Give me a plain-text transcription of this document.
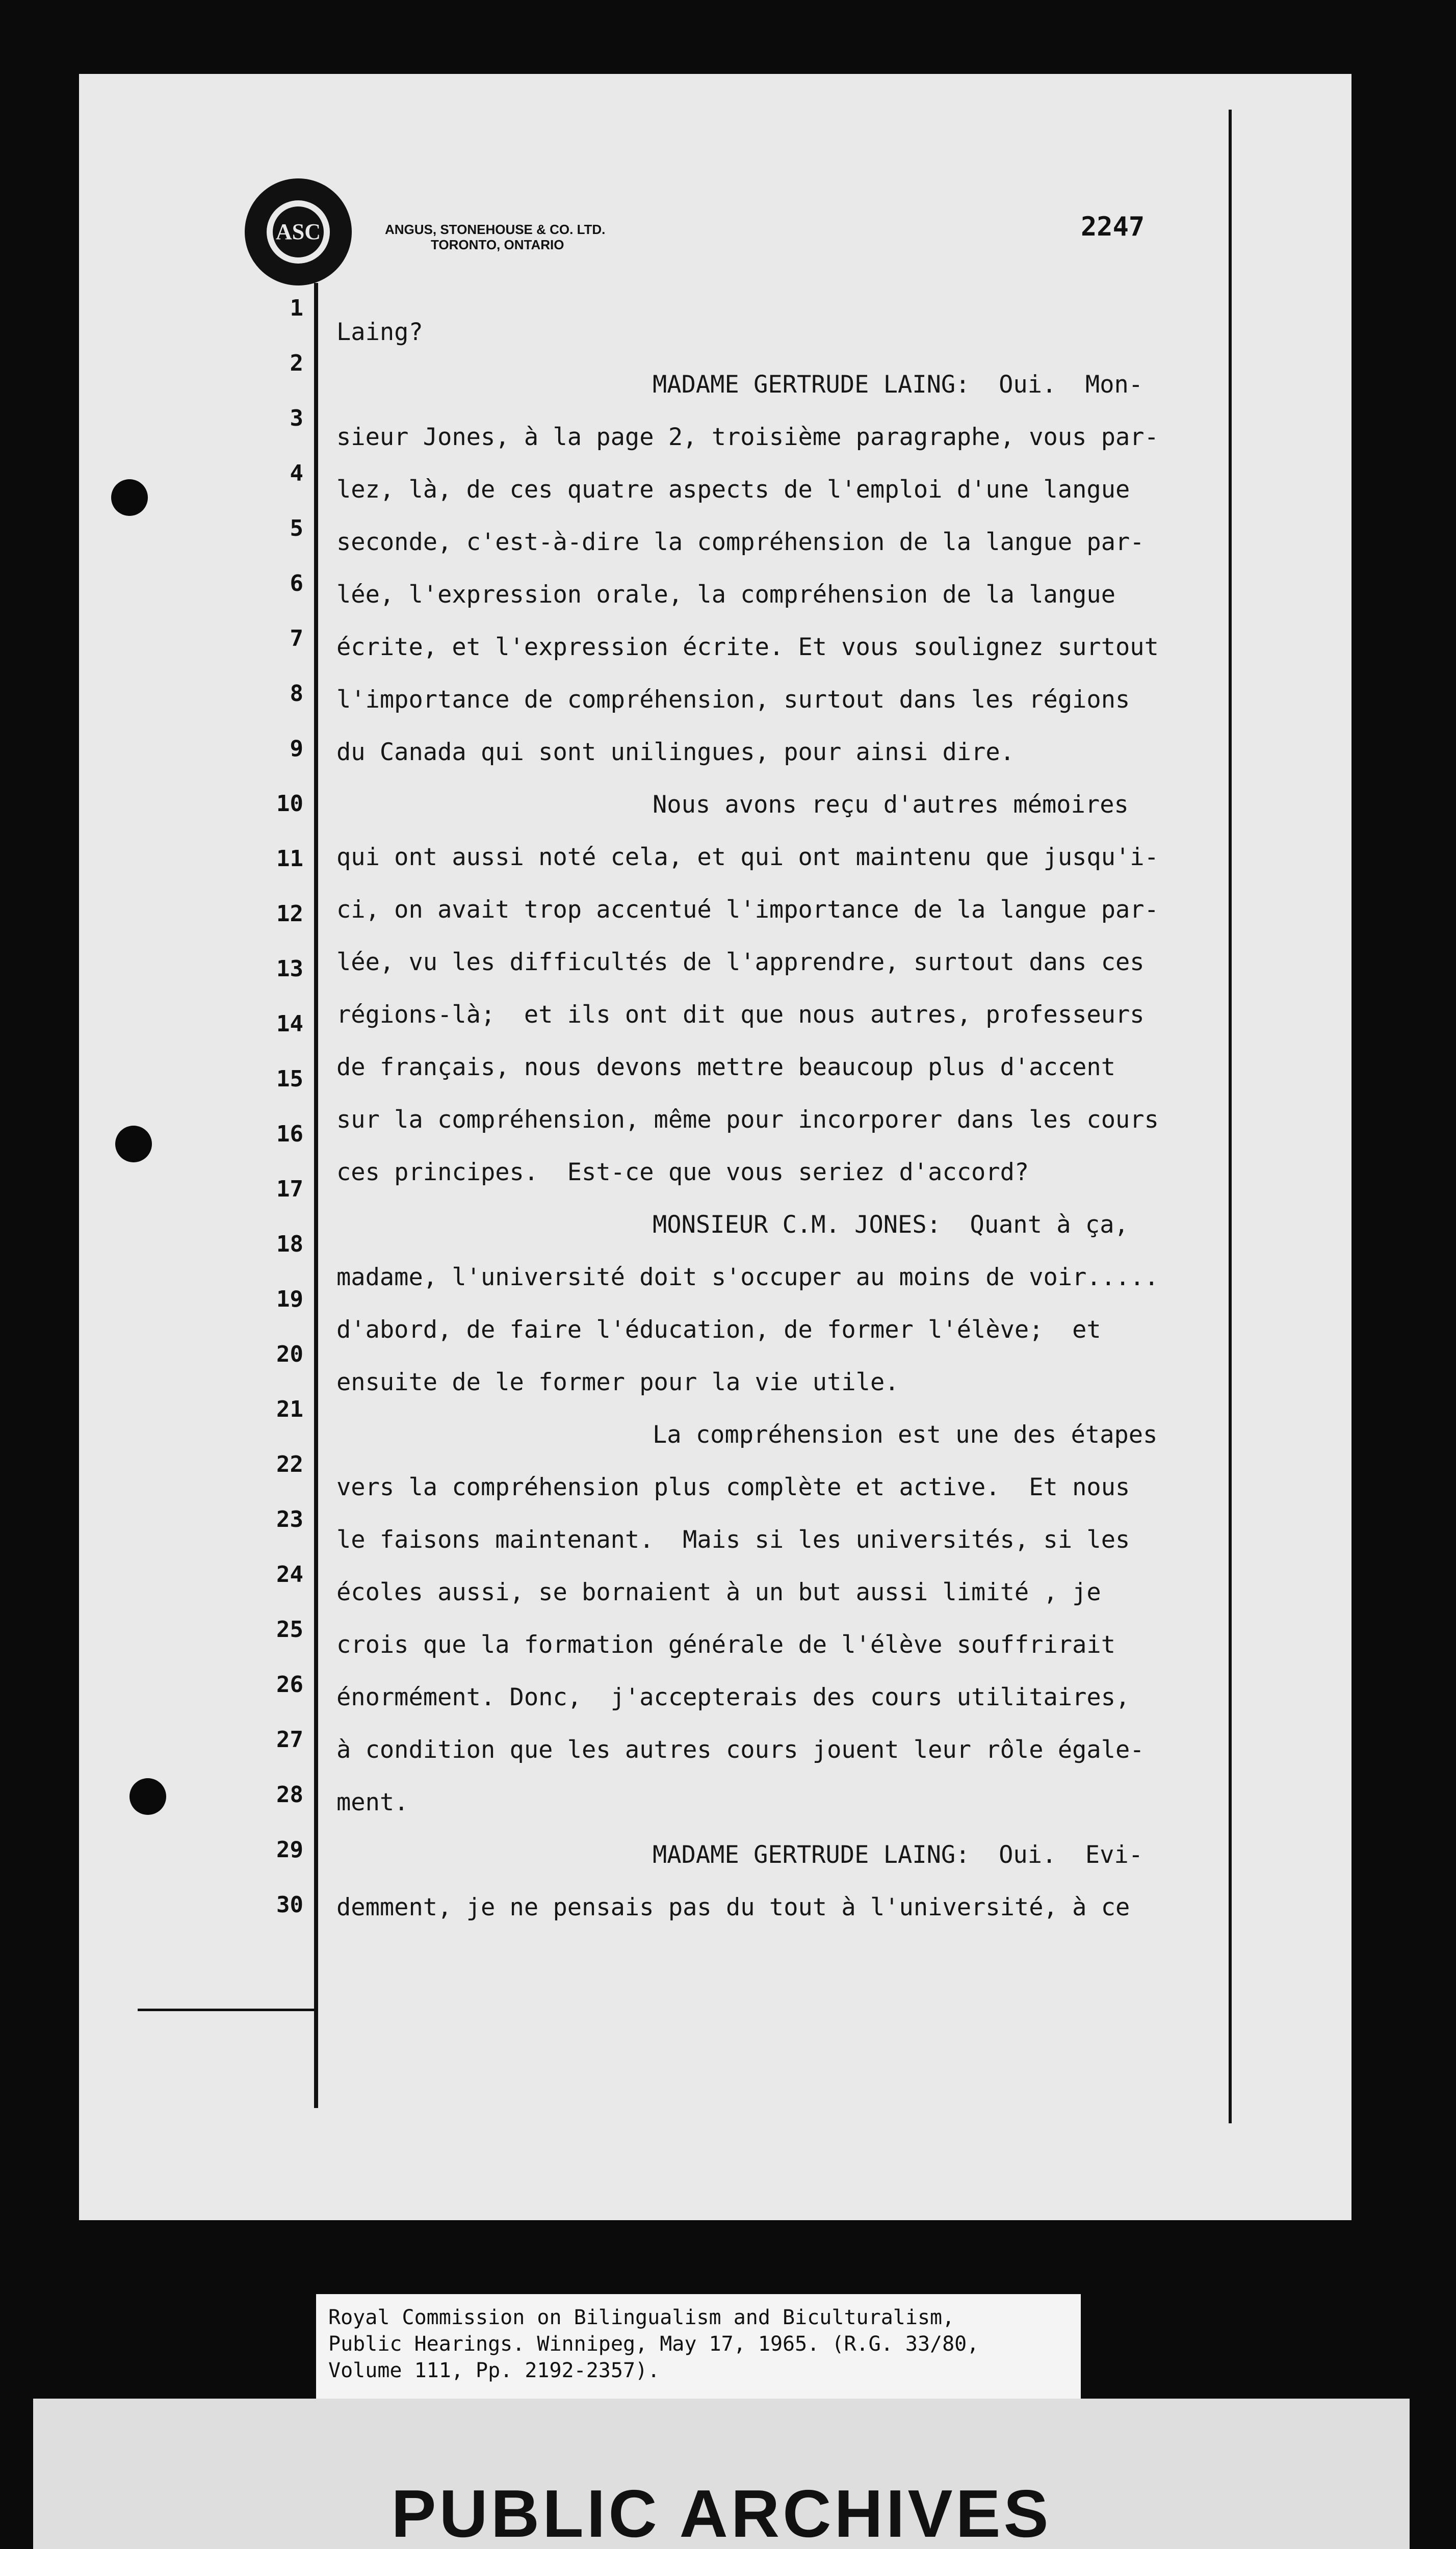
ASC	ANGUS, STONEHOUSE & CO. LTD.
TORONTO, ONTARIO
2247
1
2
3
4
5
6
7
8
9
10
11
12
13
14
15
16
17
18
19
20
21
22
23
24
25
26
27
28
29
30
Laing?
MADAME GERTRUDE LAING:  Oui.  Mon-
sieur Jones, à la page 2, troisième paragraphe, vous par-
lez, là, de ces quatre aspects de l'emploi d'une langue
seconde, c'est-à-dire la compréhension de la langue par-
lée, l'expression orale, la compréhension de la langue
écrite, et l'expression écrite. Et vous soulignez surtout
l'importance de compréhension, surtout dans les régions
du Canada qui sont unilingues, pour ainsi dire.
Nous avons reçu d'autres mémoires
qui ont aussi noté cela, et qui ont maintenu que jusqu'i-
ci, on avait trop accentué l'importance de la langue par-
lée, vu les difficultés de l'apprendre, surtout dans ces
régions-là;  et ils ont dit que nous autres, professeurs
de français, nous devons mettre beaucoup plus d'accent
sur la compréhension, même pour incorporer dans les cours
ces principes.  Est-ce que vous seriez d'accord?
MONSIEUR C.M. JONES:  Quant à ça,
madame, l'université doit s'occuper au moins de voir.....
d'abord, de faire l'éducation, de former l'élève;  et
ensuite de le former pour la vie utile.
La compréhension est une des étapes
vers la compréhension plus complète et active.  Et nous
le faisons maintenant.  Mais si les universités, si les
écoles aussi, se bornaient à un but aussi limité , je
crois que la formation générale de l'élève souffrirait
énormément. Donc,  j'accepterais des cours utilitaires,
à condition que les autres cours jouent leur rôle égale-
ment.
MADAME GERTRUDE LAING:  Oui.  Evi-
demment, je ne pensais pas du tout à l'université, à ce
Royal Commission on Bilingualism and Biculturalism,
Public Hearings. Winnipeg, May 17, 1965. (R.G. 33/80,
Volume 111, Pp. 2192-2357).
PUBLIC ARCHIVES
